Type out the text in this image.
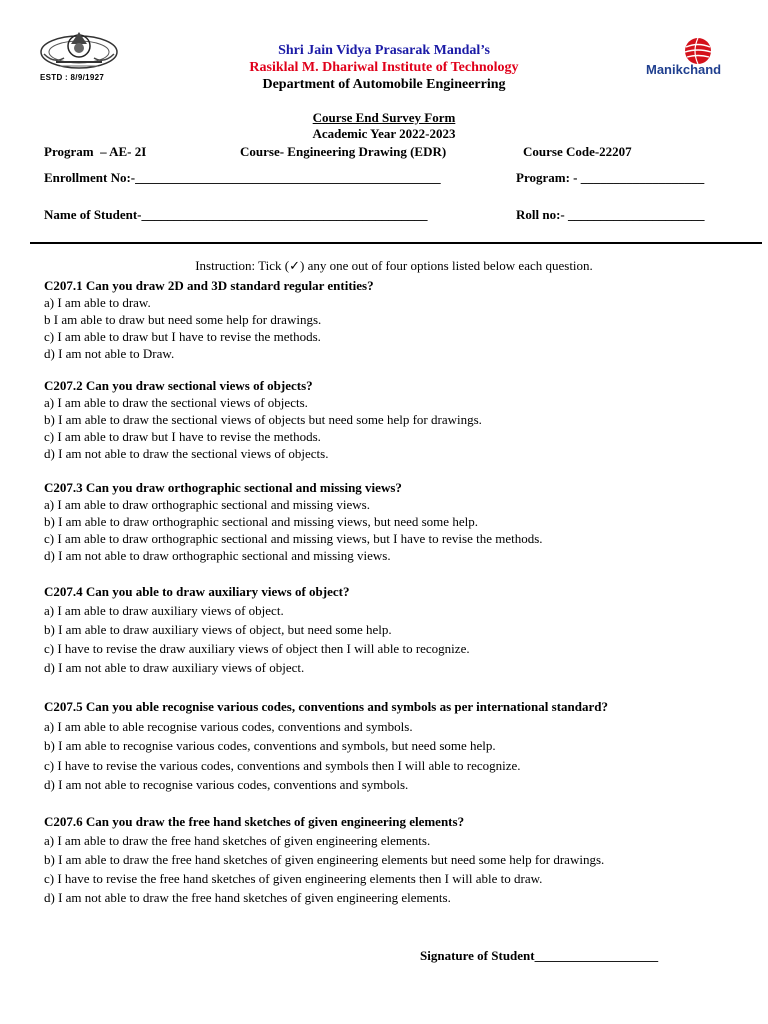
ESTD : 8/9/1927
Manikchand
Shri Jain Vidya Prasarak Mandal’s
Rasiklal M. Dhariwal Institute of Technology
Department of Automobile Engineerring
Course End Survey Form
Academic Year 2022-2023
Program  – AE- 2I	Course- Engineering Drawing (EDR)	Course Code-22207
Enrollment No:-_______________________________________________	Program: - ___________________
Name of Student-____________________________________________	Roll no:- _____________________
Instruction: Tick (✓) any one out of four options listed below each question.
C207.1 Can you draw 2D and 3D standard regular entities?
a) I am able to draw.
b I am able to draw but need some help for drawings.
c) I am able to draw but I have to revise the methods.
d) I am not able to Draw.
C207.2 Can you draw sectional views of objects?
a) I am able to draw the sectional views of objects.
b) I am able to draw the sectional views of objects but need some help for drawings.
c) I am able to draw but I have to revise the methods.
d) I am not able to draw the sectional views of objects.
C207.3 Can you draw orthographic sectional and missing views?
a) I am able to draw orthographic sectional and missing views.
b) I am able to draw orthographic sectional and missing views, but need some help.
c) I am able to draw orthographic sectional and missing views, but I have to revise the methods.
d) I am not able to draw orthographic sectional and missing views.
C207.4 Can you able to draw auxiliary views of object?
a) I am able to draw auxiliary views of object.
b) I am able to draw auxiliary views of object, but need some help.
c) I have to revise the draw auxiliary views of object then I will able to recognize.
d) I am not able to draw auxiliary views of object.
C207.5 Can you able recognise various codes, conventions and symbols as per international standard?
a) I am able to able recognise various codes, conventions and symbols.
b) I am able to recognise various codes, conventions and symbols, but need some help.
c) I have to revise the various codes, conventions and symbols then I will able to recognize.
d) I am not able to recognise various codes, conventions and symbols.
C207.6 Can you draw the free hand sketches of given engineering elements?
a) I am able to draw the free hand sketches of given engineering elements.
b) I am able to draw the free hand sketches of given engineering elements but need some help for drawings.
c) I have to revise the free hand sketches of given engineering elements then I will able to draw.
d) I am not able to draw the free hand sketches of given engineering elements.
Signature of Student___________________
